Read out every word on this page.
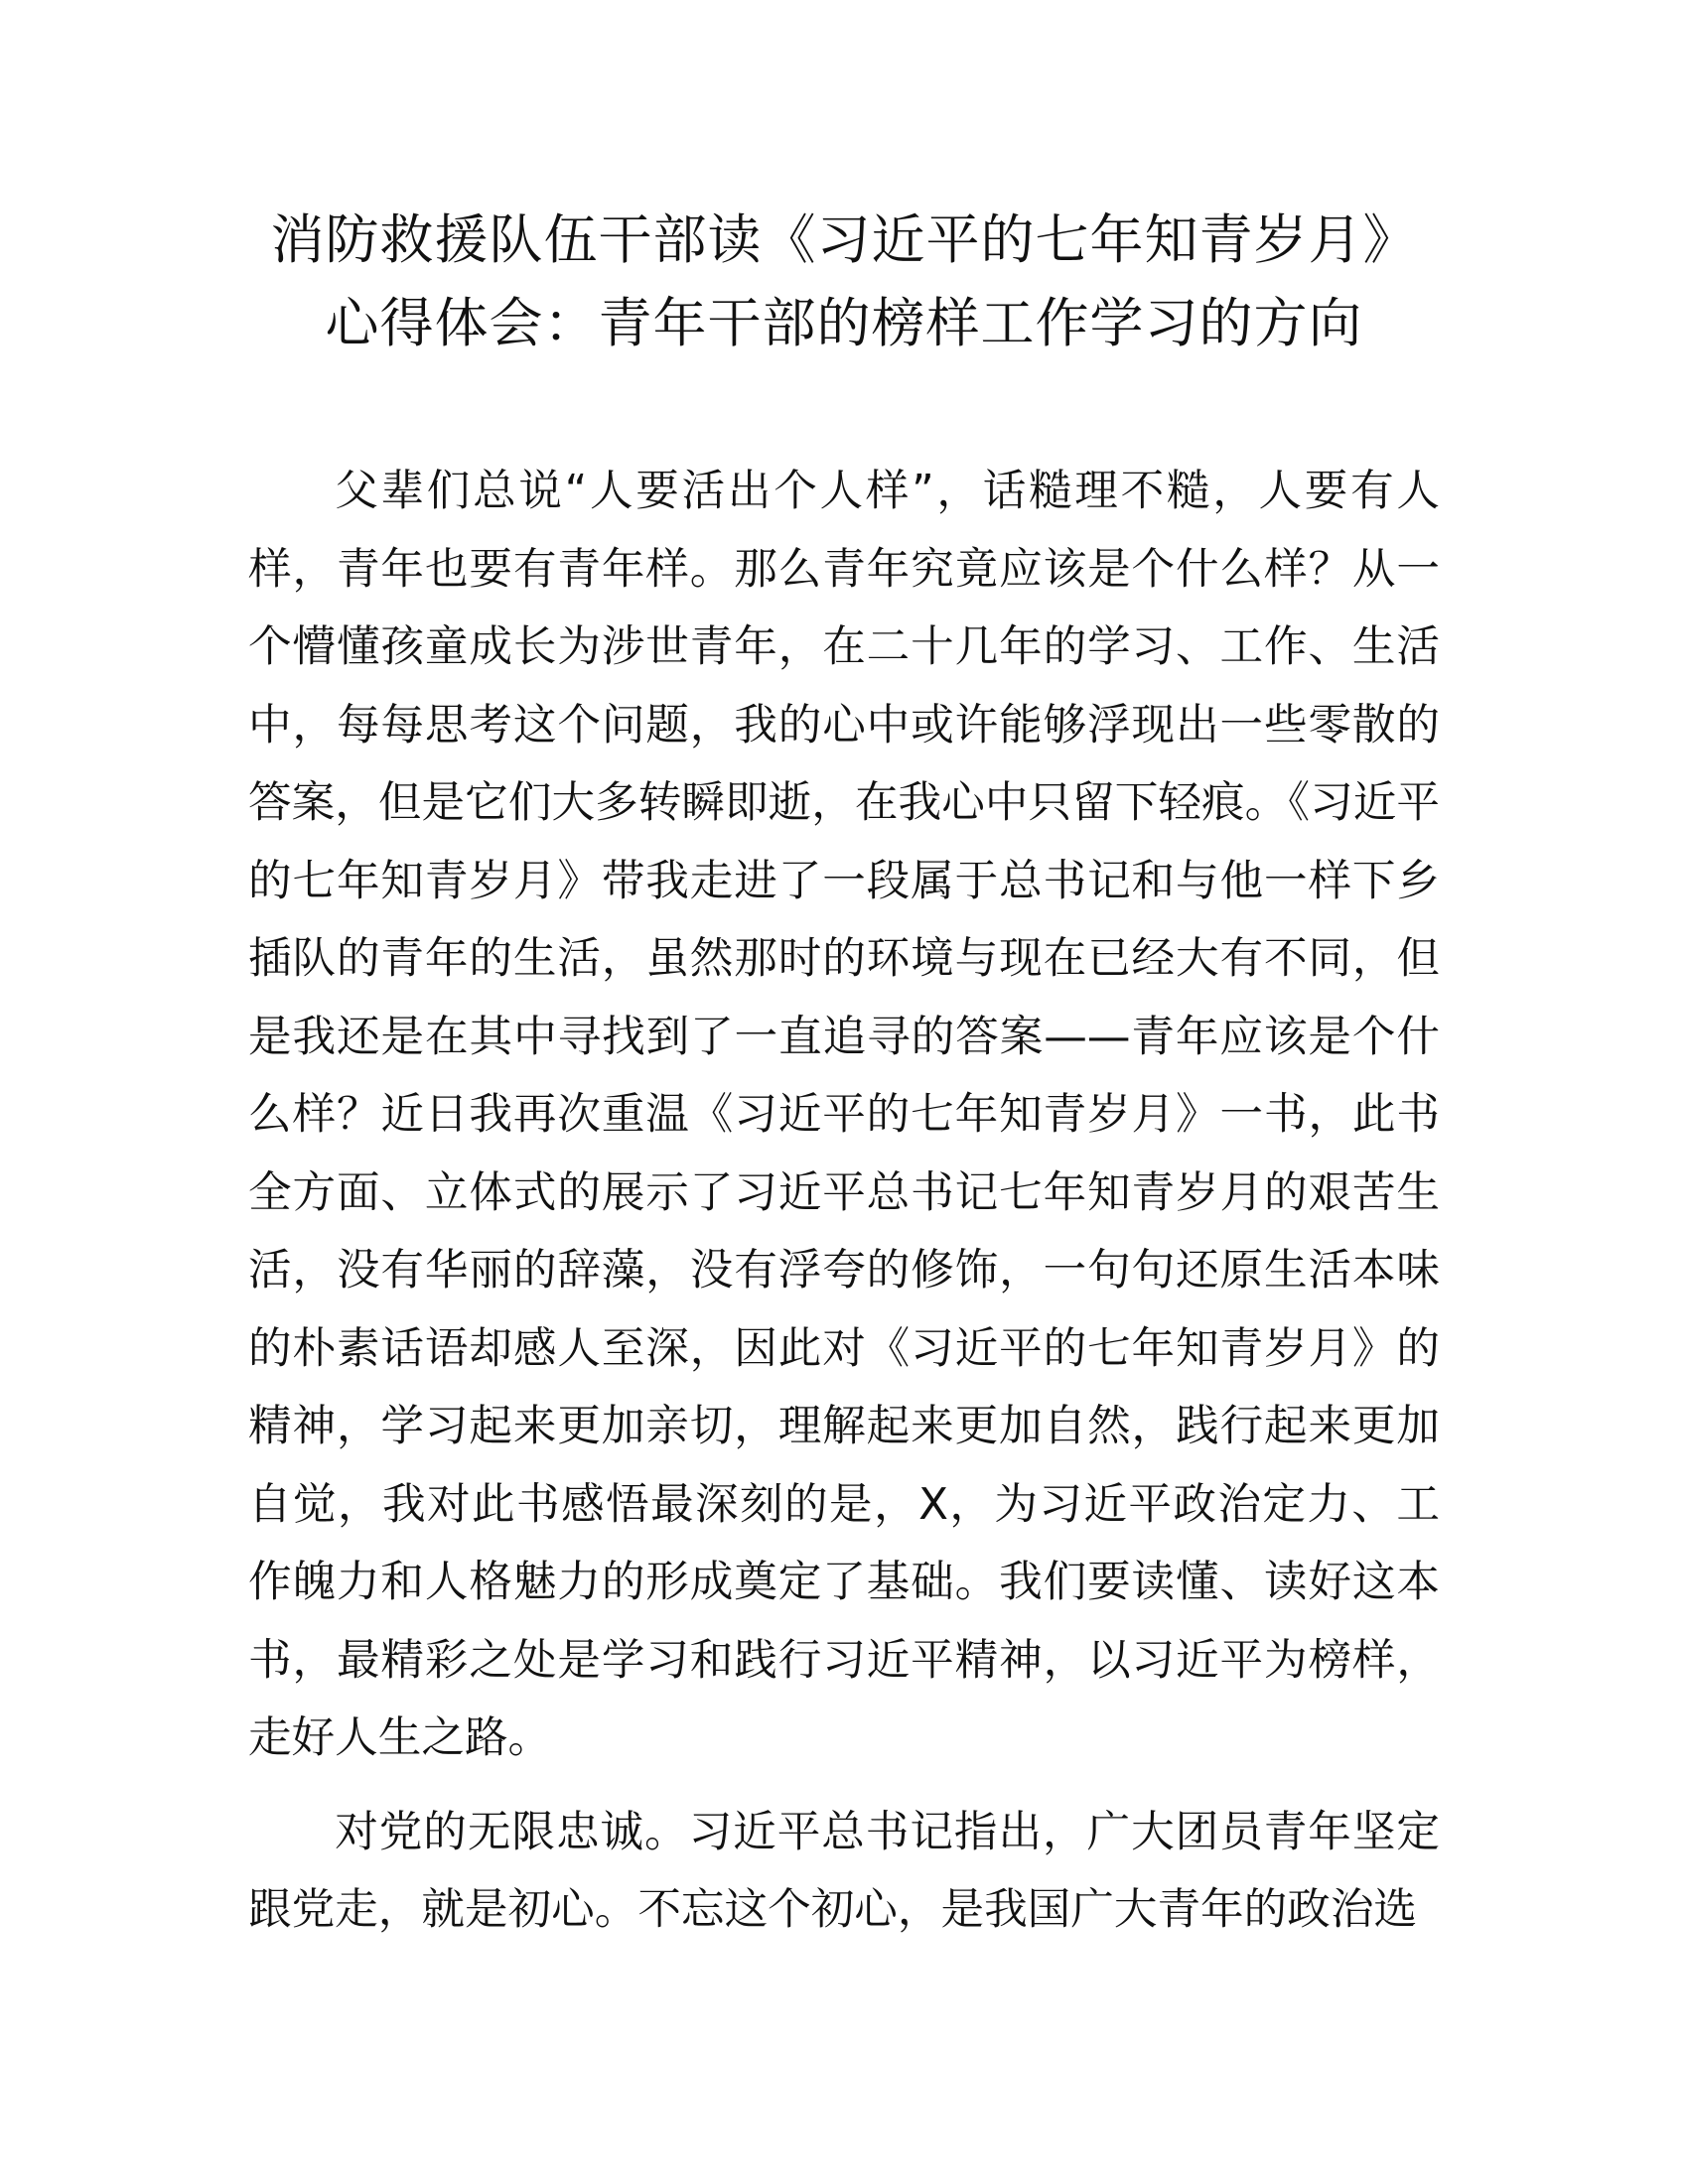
消防救援队伍干部读《习近平的七年知青岁月》心得体会：青年干部的榜样工作学习的方向

父辈们总说“人要活出个人样”，话糙理不糙，人要有人样，青年也要有青年样。那么青年究竟应该是个什么样？从一个懵懂孩童成长为涉世青年，在二十几年的学习、工作、生活中，每每思考这个问题，我的心中或许能够浮现出一些零散的答案，但是它们大多转瞬即逝，在我心中只留下轻痕。《习近平的七年知青岁月》带我走进了一段属于总书记和与他一样下乡插队的青年的生活，虽然那时的环境与现在已经大有不同，但是我还是在其中寻找到了一直追寻的答案——青年应该是个什么样？近日我再次重温《习近平的七年知青岁月》一书，此书全方面、立体式的展示了习近平总书记七年知青岁月的艰苦生活，没有华丽的辞藻，没有浮夸的修饰，一句句还原生活本味的朴素话语却感人至深，因此对《习近平的七年知青岁月》的精神，学习起来更加亲切，理解起来更加自然，践行起来更加自觉，我对此书感悟最深刻的是，X，为习近平政治定力、工作魄力和人格魅力的形成奠定了基础。我们要读懂、读好这本书，最精彩之处是学习和践行习近平精神，以习近平为榜样，走好人生之路。

对党的无限忠诚。习近平总书记指出，广大团员青年坚定跟党走，就是初心。不忘这个初心，是我国广大青年的政治选
